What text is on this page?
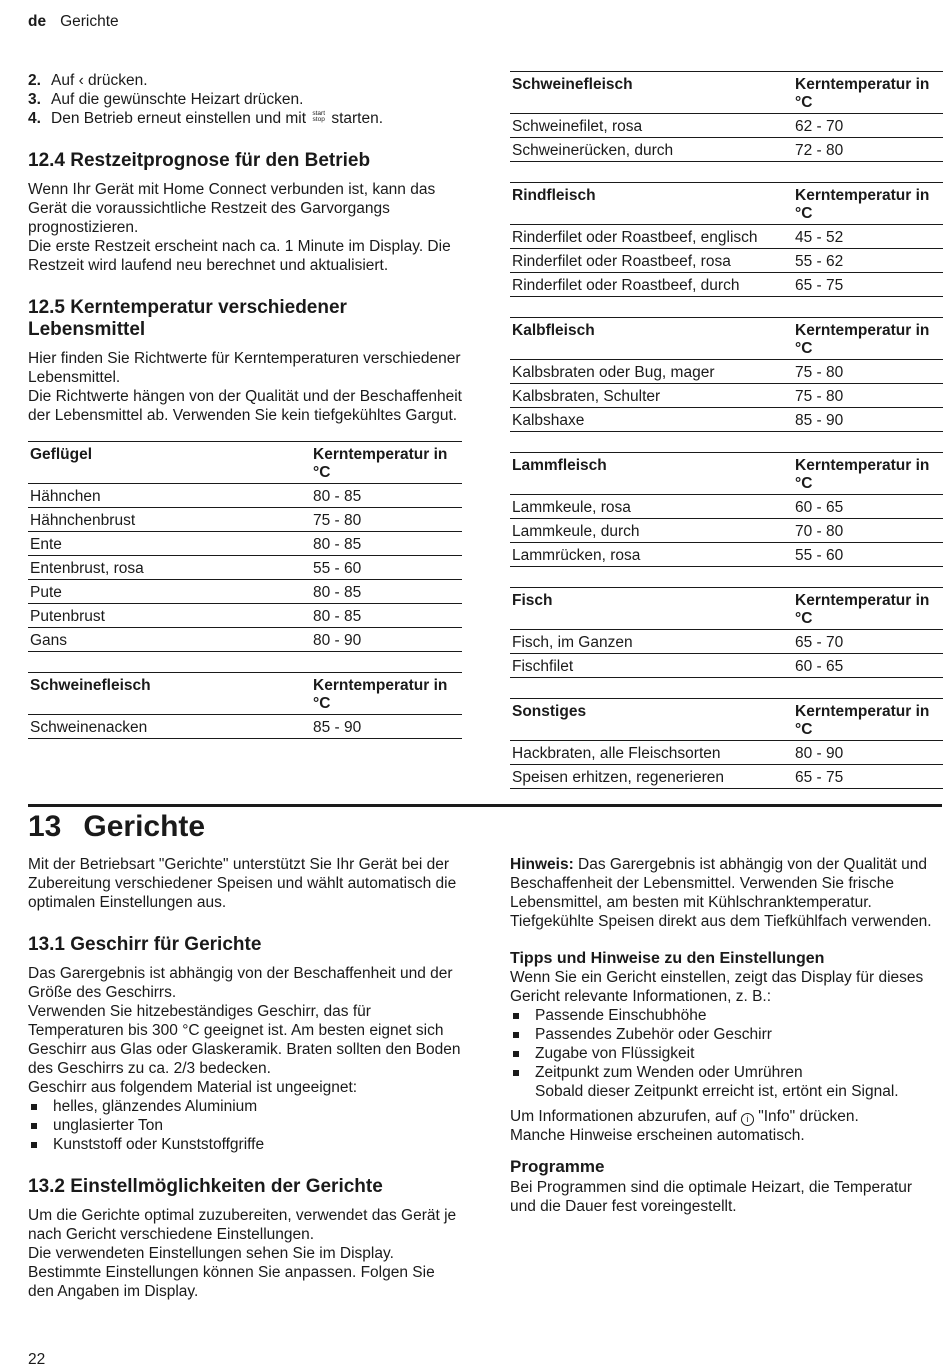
de Gerichte
2. Auf ‹ drücken.
3. Auf die gewünschte Heizart drücken.
4. Den Betrieb erneut einstellen und mit start
stop starten.
12.4 Restzeitprognose für den Betrieb

Wenn Ihr Gerät mit Home Connect verbunden ist, kann das Gerät die voraussichtliche Restzeit des Garvorgangs prognostizieren.

Die erste Restzeit erscheint nach ca. 1 Minute im Display. Die Restzeit wird laufend neu berechnet und aktualisiert.

12.5 Kerntemperatur verschiedener Lebensmittel

Hier finden Sie Richtwerte für Kerntemperaturen verschiedener Lebensmittel.

Die Richtwerte hängen von der Qualität und der Beschaffenheit der Lebensmittel ab. Verwenden Sie kein tiefgekühltes Gargut.

Geflügel	Kerntemperatur in °C
Hähnchen	80 - 85
Hähnchenbrust	75 - 80
Ente	80 - 85
Entenbrust, rosa	55 - 60
Pute	80 - 85
Putenbrust	80 - 85
Gans	80 - 90
Schweinefleisch	Kerntemperatur in °C
Schweinenacken	85 - 90
Schweinefleisch	Kerntemperatur in °C
Schweinefilet, rosa	62 - 70
Schweinerücken, durch	72 - 80
Rindfleisch	Kerntemperatur in °C
Rinderfilet oder Roastbeef, englisch	45 - 52
Rinderfilet oder Roastbeef, rosa	55 - 62
Rinderfilet oder Roastbeef, durch	65 - 75
Kalbfleisch	Kerntemperatur in °C
Kalbsbraten oder Bug, mager	75 - 80
Kalbsbraten, Schulter	75 - 80
Kalbshaxe	85 - 90
Lammfleisch	Kerntemperatur in °C
Lammkeule, rosa	60 - 65
Lammkeule, durch	70 - 80
Lammrücken, rosa	55 - 60
Fisch	Kerntemperatur in °C
Fisch, im Ganzen	65 - 70
Fischfilet	60 - 65
Sonstiges	Kerntemperatur in °C
Hackbraten, alle Fleischsorten	80 - 90
Speisen erhitzen, regenerieren	65 - 75
13 Gerichte

Mit der Betriebsart "Gerichte" unterstützt Sie Ihr Gerät bei der Zubereitung verschiedener Speisen und wählt automatisch die optimalen Einstellungen aus.

13.1 Geschirr für Gerichte

Das Garergebnis ist abhängig von der Beschaffenheit und der Größe des Geschirrs.

Verwenden Sie hitzebeständiges Geschirr, das für Temperaturen bis 300 °C geeignet ist. Am besten eignet sich Geschirr aus Glas oder Glaskeramik. Braten sollten den Boden des Geschirrs zu ca. 2/3 bedecken.

Geschirr aus folgendem Material ist ungeeignet:

helles, glänzendes Aluminium
unglasierter Ton
Kunststoff oder Kunststoffgriffe
13.2 Einstellmöglichkeiten der Gerichte

Um die Gerichte optimal zuzubereiten, verwendet das Gerät je nach Gericht verschiedene Einstellungen.

Die verwendeten Einstellungen sehen Sie im Display. Bestimmte Einstellungen können Sie anpassen. Folgen Sie den Angaben im Display.

Hinweis: Das Garergebnis ist abhängig von der Qualität und Beschaffenheit der Lebensmittel. Verwenden Sie frische Lebensmittel, am besten mit Kühlschranktemperatur. Tiefgekühlte Speisen direkt aus dem Tiefkühlfach verwenden.

Tipps und Hinweise zu den Einstellungen

Wenn Sie ein Gericht einstellen, zeigt das Display für dieses Gericht relevante Informationen, z. B.:

Passende Einschubhöhe
Passendes Zubehör oder Geschirr
Zugabe von Flüssigkeit
Zeitpunkt zum Wenden oder Umrühren
Sobald dieser Zeitpunkt erreicht ist, ertönt ein Signal.

Um Informationen abzurufen, auf i "Info" drücken.

Manche Hinweise erscheinen automatisch.

Programme

Bei Programmen sind die optimale Heizart, die Temperatur und die Dauer fest voreingestellt.

22
